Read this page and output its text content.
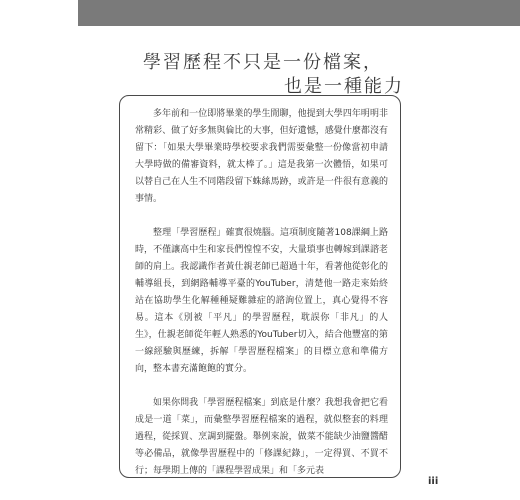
學習歷程不只是一份檔案，
也是一種能力

多年前和一位即將畢業的學生閒聊，他提到大學四年明明非常精彩、做了好多無與倫比的大事，但好遺憾，感覺什麼都沒有留下：「如果大學畢業時學校要求我們需要彙整一份像當初申請大學時做的備審資料，就太棒了。」這是我第一次體悟，如果可以替自己在人生不同階段留下蛛絲馬跡，或許是一件很有意義的事情。

整理「學習歷程」確實很燒腦。這項制度隨著108課綱上路時，不僅讓高中生和家長們惶惶不安，大量瑣事也轉嫁到課諮老師的肩上。我認識作者黃仕親老師已超過十年，看著他從彰化的輔導組長，到網路輔導平臺的YouTuber，清楚他一路走來始終站在協助學生化解種種疑難雜症的諮詢位置上，真心覺得不容易。這本《別被「平凡」的學習歷程，耽誤你「非凡」的人生》，仕親老師從年輕人熟悉的YouTuber切入，結合他豐富的第一線經驗與歷練，拆解「學習歷程檔案」的目標立意和準備方向，整本書充滿飽飽的實分。

如果你問我「學習歷程檔案」到底是什麼？我想我會把它看成是一道「菜」，而彙整學習歷程檔案的過程，就似整套的料理過程，從採買、烹調到擺盤。舉例來說，做菜不能缺少油鹽醬醋等必備品，就像學習歷程中的「修課紀錄」，一定得買、不買不行；每學期上傳的「課程學習成果」和「多元表

iii
